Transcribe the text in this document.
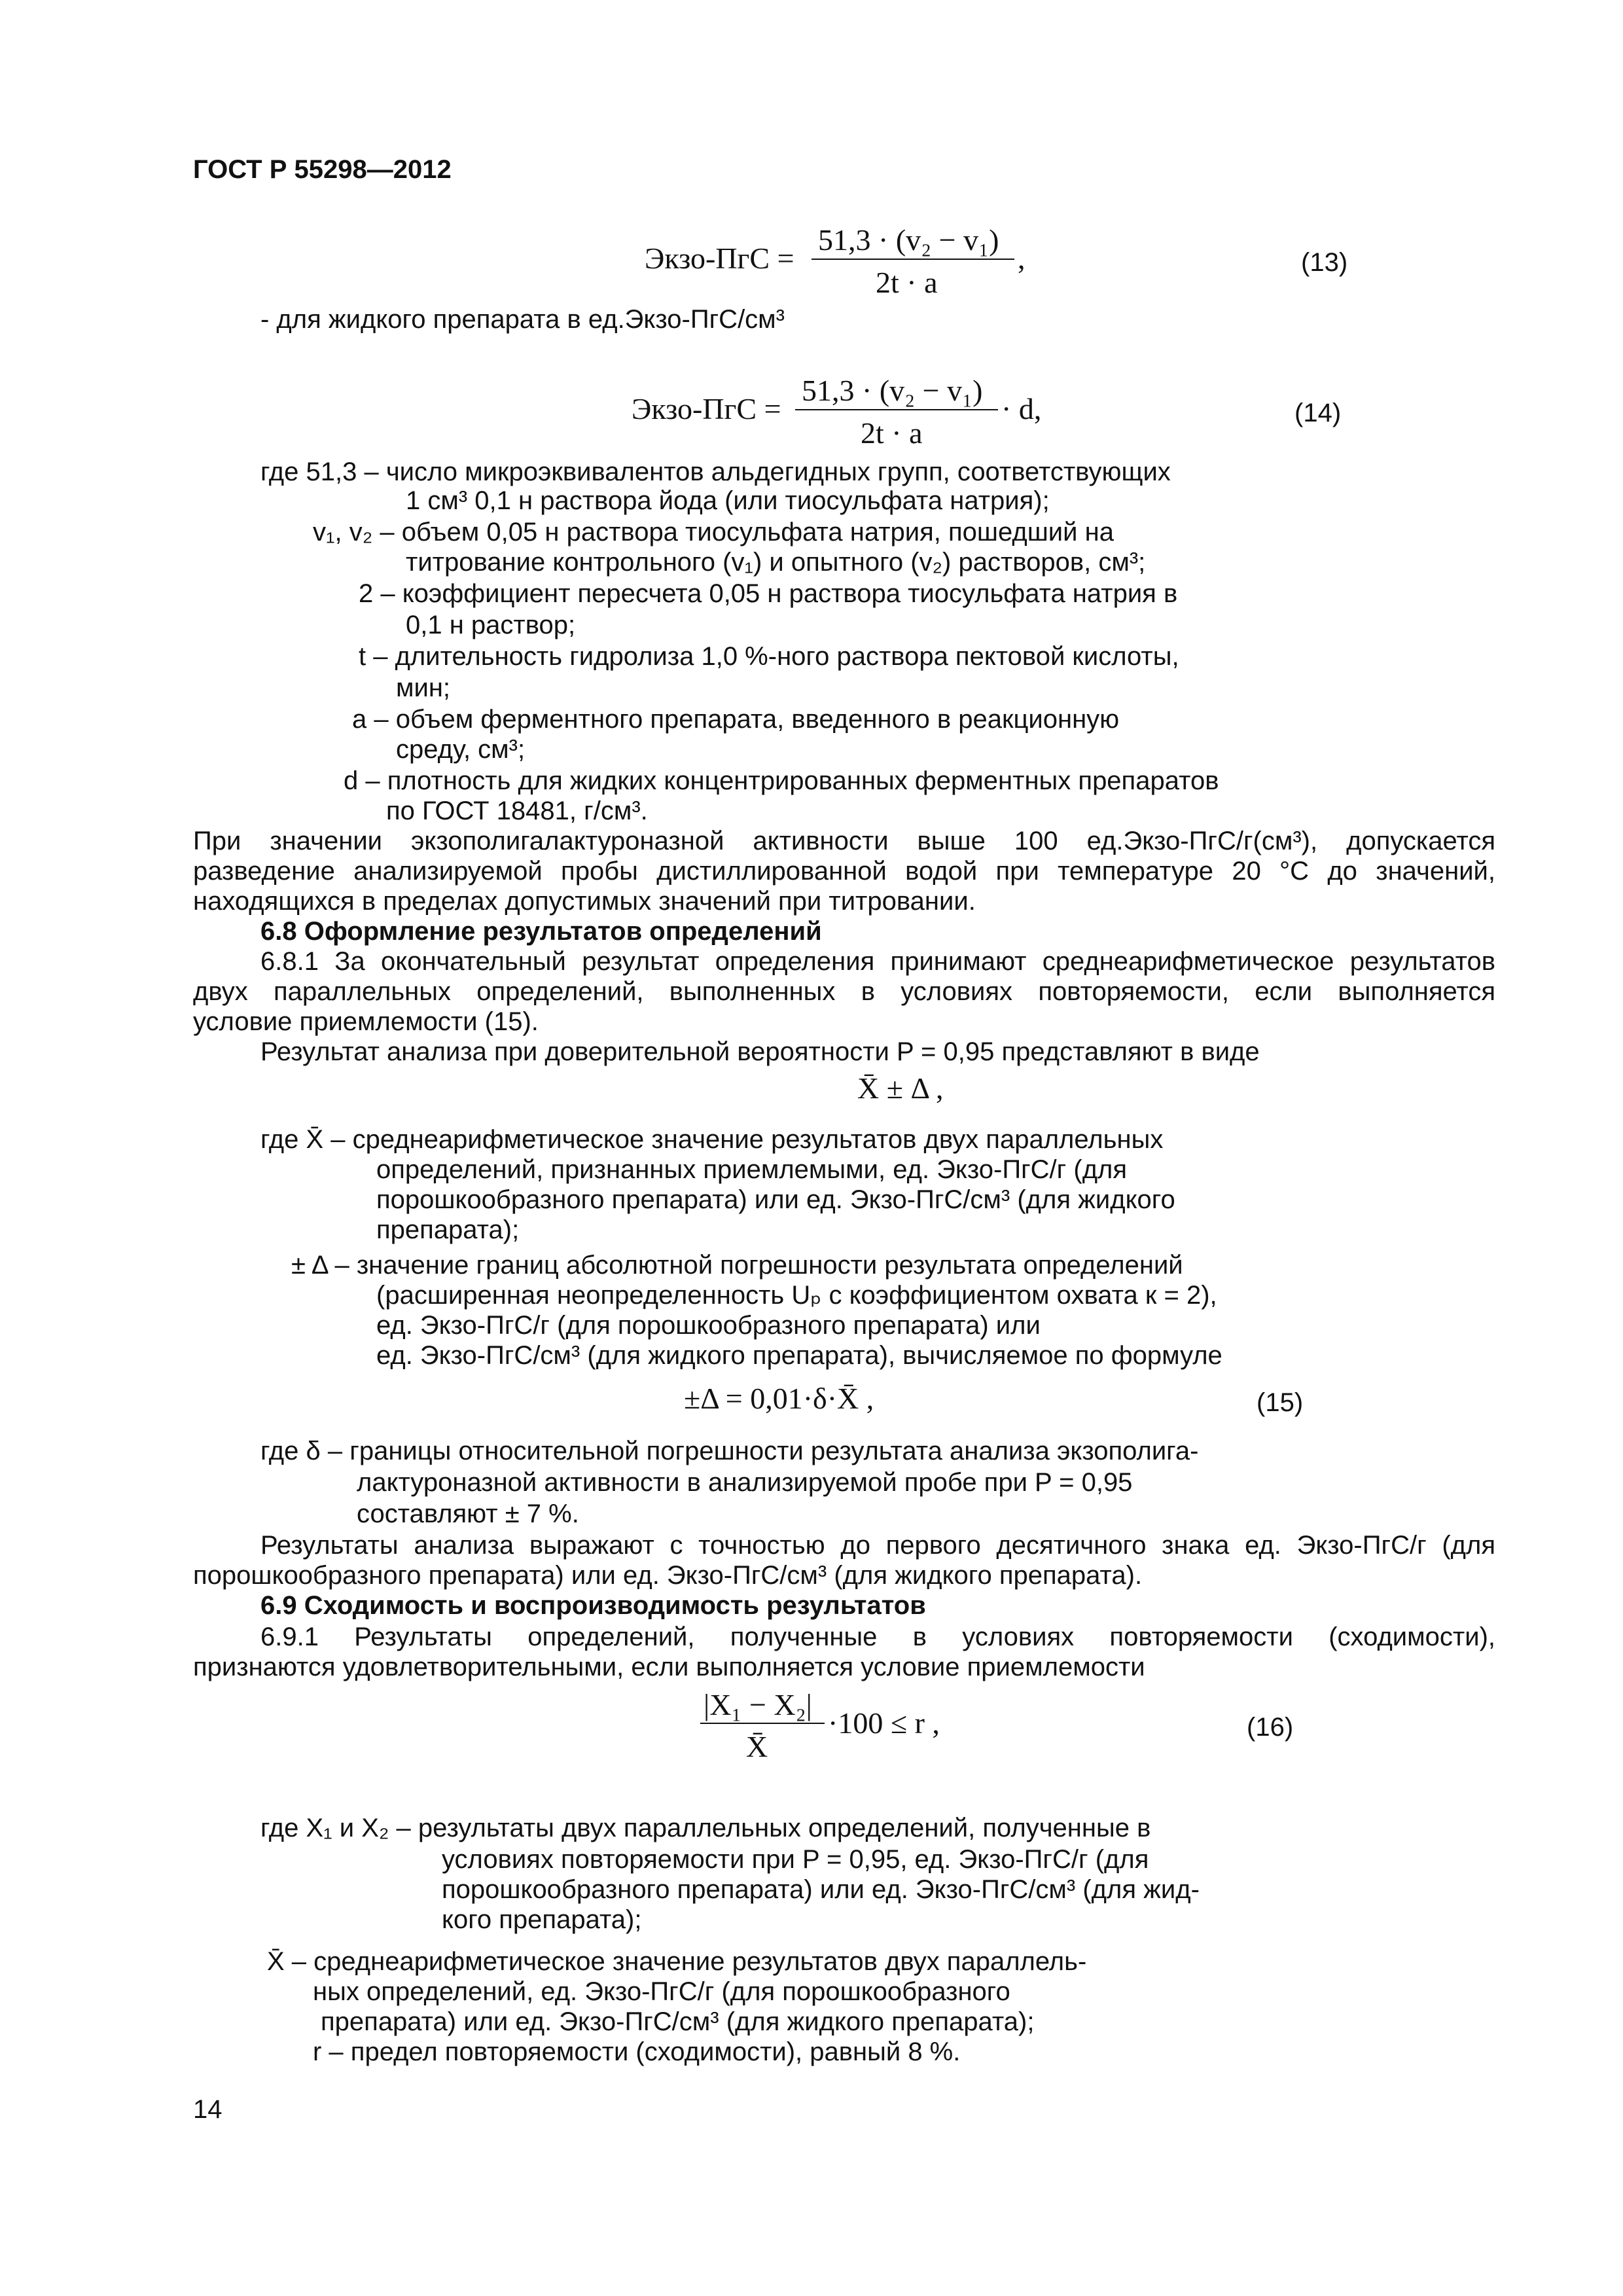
ГОСТ Р 55298—2012
Экзо-ПгС =
51,3 · (v₂ − v₁)
2t · a
,	(13)
- для жидкого препарата в ед.Экзо-ПгС/см³
Экзо-ПгС =
51,3 · (v₂ − v₁)
2t · a
· d,	(14)
где 51,3 – число микроэквивалентов альдегидных групп, соответствующих
1 см³ 0,1 н раствора йода (или тиосульфата натрия);
v₁, v₂ – объем 0,05 н раствора тиосульфата натрия, пошедший на
титрование контрольного (v₁) и опытного (v₂) растворов, см³;
2 – коэффициент пересчета 0,05 н раствора тиосульфата натрия в
0,1 н раствор;
t – длительность гидролиза 1,0 %-ного раствора пектовой кислоты,
мин;
а – объем ферментного препарата, введенного в реакционную
среду, см³;
d – плотность для жидких концентрированных ферментных препаратов
по ГОСТ 18481, г/см³.
При значении экзополигалактуроназной активности выше 100 ед.Экзо-ПгС/г(см³), допускается
разведение анализируемой пробы дистиллированной водой при температуре 20 °С до значений,
находящихся в пределах допустимых значений при титровании.
6.8 Оформление результатов определений
6.8.1 За окончательный результат определения принимают среднеарифметическое результатов
двух параллельных определений, выполненных в условиях повторяемости, если выполняется
условие приемлемости (15).
Результат анализа при доверительной вероятности P = 0,95 представляют в виде
X̄ ± Δ ,
где X̄ – среднеарифметическое значение результатов двух параллельных
определений, признанных приемлемыми, ед. Экзо-ПгС/г (для
порошкообразного препарата) или ед. Экзо-ПгС/см³ (для жидкого
препарата);
± Δ – значение границ абсолютной погрешности результата определений
(расширенная неопределенность Uₚ с коэффициентом охвата к = 2),
ед. Экзо-ПгС/г (для порошкообразного препарата) или
ед. Экзо-ПгС/см³ (для жидкого препарата), вычисляемое по формуле
±Δ = 0,01·δ·X̄ ,	(15)
где δ – границы относительной погрешности результата анализа экзополига-
лактуроназной активности в анализируемой пробе при P = 0,95
составляют ± 7 %.
Результаты анализа выражают с точностью до первого десятичного знака ед. Экзо-ПгС/г (для
порошкообразного препарата) или ед. Экзо-ПгС/см³ (для жидкого препарата).
6.9 Сходимость и воспроизводимость результатов
6.9.1 Результаты определений, полученные в условиях повторяемости (сходимости),
признаются удовлетворительными, если выполняется условие приемлемости
|X₁ − X₂|
X̄
·100 ≤ r ,	(16)
где X₁ и X₂ – результаты двух параллельных определений, полученные в
условиях повторяемости при P = 0,95, ед. Экзо-ПгС/г (для
порошкообразного препарата) или ед. Экзо-ПгС/см³ (для жид-
кого препарата);
X̄ – среднеарифметическое значение результатов двух параллель-
ных определений, ед. Экзо-ПгС/г (для порошкообразного
препарата) или ед. Экзо-ПгС/см³ (для жидкого препарата);
r – предел повторяемости (сходимости), равный 8 %.
14
